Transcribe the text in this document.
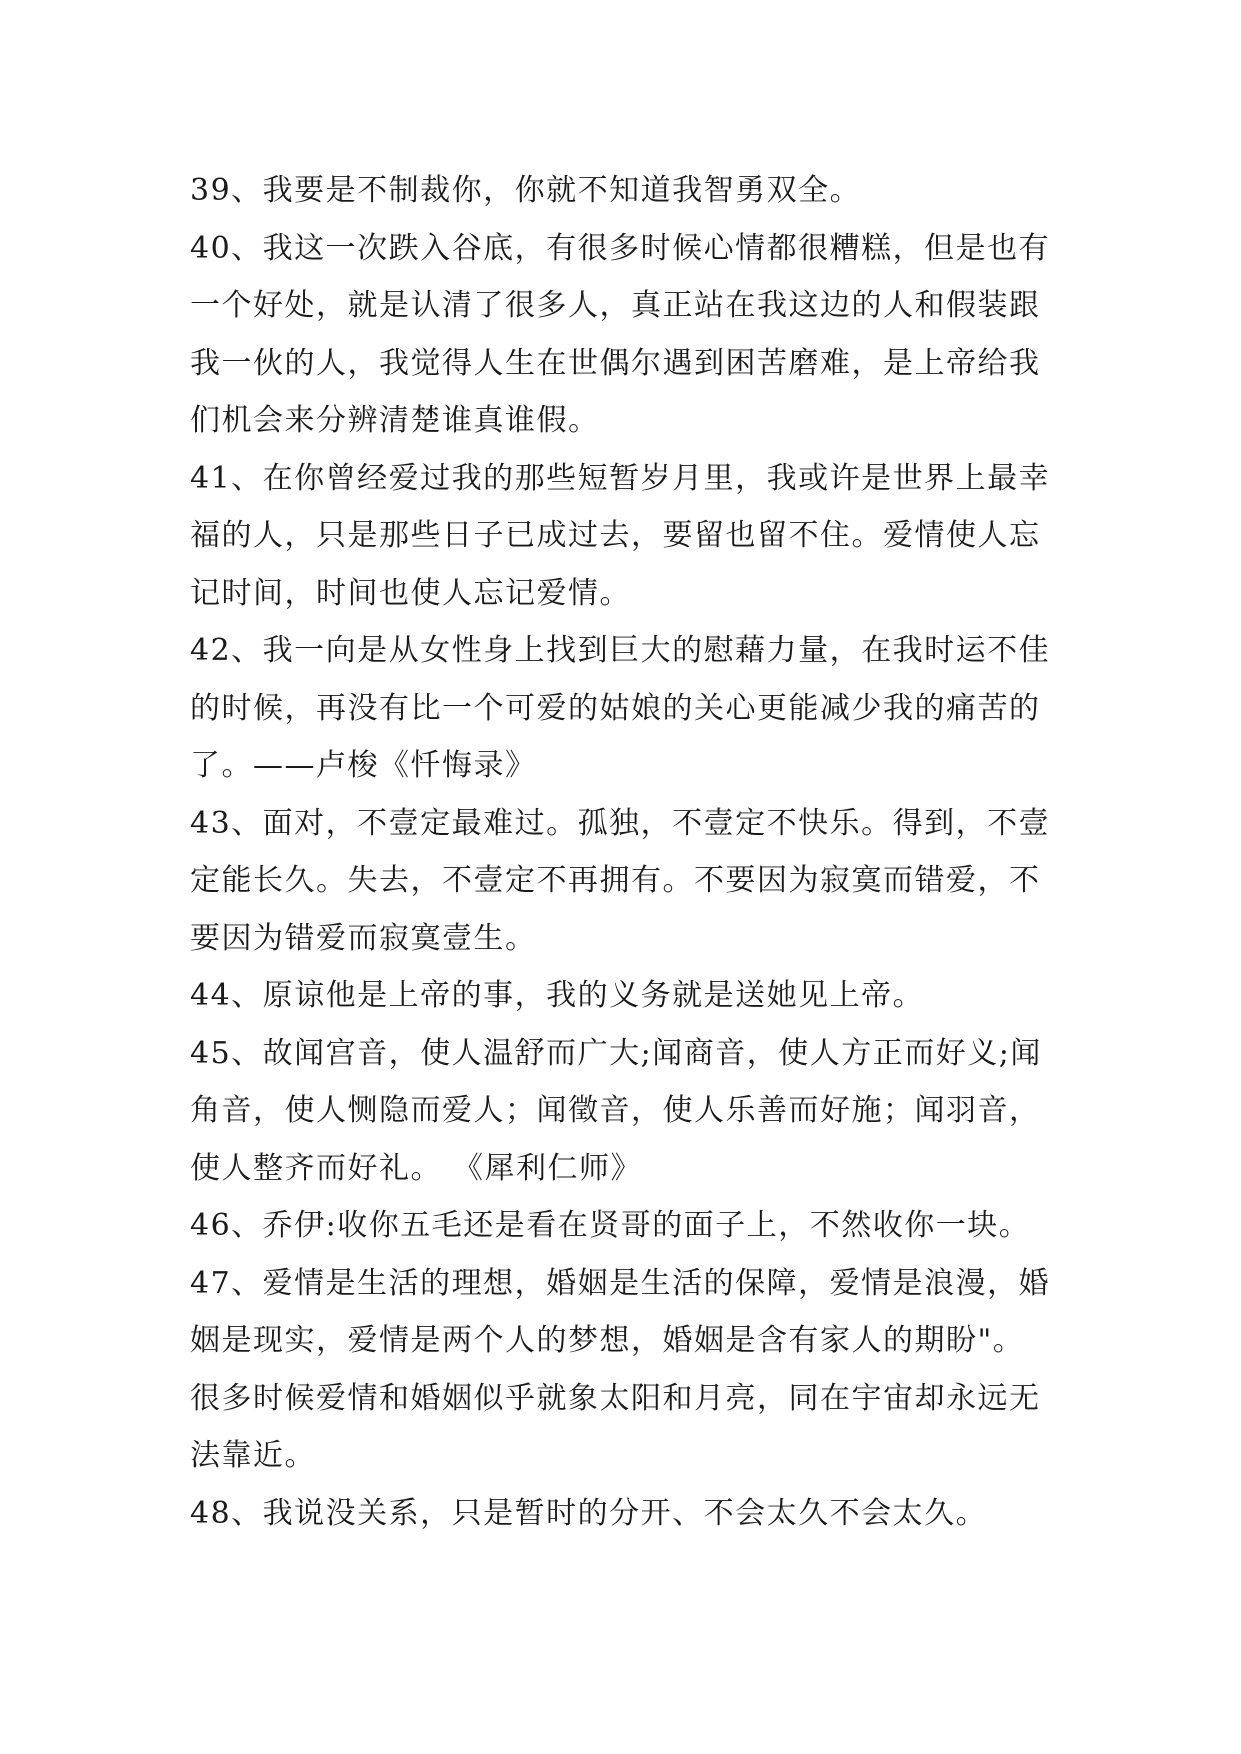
39、我要是不制裁你，你就不知道我智勇双全。

40、我这一次跌入谷底，有很多时候心情都很糟糕，但是也有一个好处，就是认清了很多人，真正站在我这边的人和假装跟我一伙的人，我觉得人生在世偶尔遇到困苦磨难，是上帝给我们机会来分辨清楚谁真谁假。

41、在你曾经爱过我的那些短暂岁月里，我或许是世界上最幸福的人，只是那些日子已成过去，要留也留不住。爱情使人忘记时间，时间也使人忘记爱情。

42、我一向是从女性身上找到巨大的慰藉力量，在我时运不佳的时候，再没有比一个可爱的姑娘的关心更能减少我的痛苦的了。——卢梭《忏悔录》

43、面对，不壹定最难过。孤独，不壹定不快乐。得到，不壹定能长久。失去，不壹定不再拥有。不要因为寂寞而错爱，不要因为错爱而寂寞壹生。

44、原谅他是上帝的事，我的义务就是送她见上帝。

45、故闻宫音，使人温舒而广大;闻商音，使人方正而好义;闻角音，使人恻隐而爱人；闻徵音，使人乐善而好施；闻羽音，使人整齐而好礼。 《犀利仁师》

46、乔伊:收你五毛还是看在贤哥的面子上，不然收你一块。

47、爱情是生活的理想，婚姻是生活的保障，爱情是浪漫，婚姻是现实，爱情是两个人的梦想，婚姻是含有家人的期盼"。很多时候爱情和婚姻似乎就象太阳和月亮，同在宇宙却永远无法靠近。

48、我说没关系，只是暂时的分开、不会太久不会太久。
